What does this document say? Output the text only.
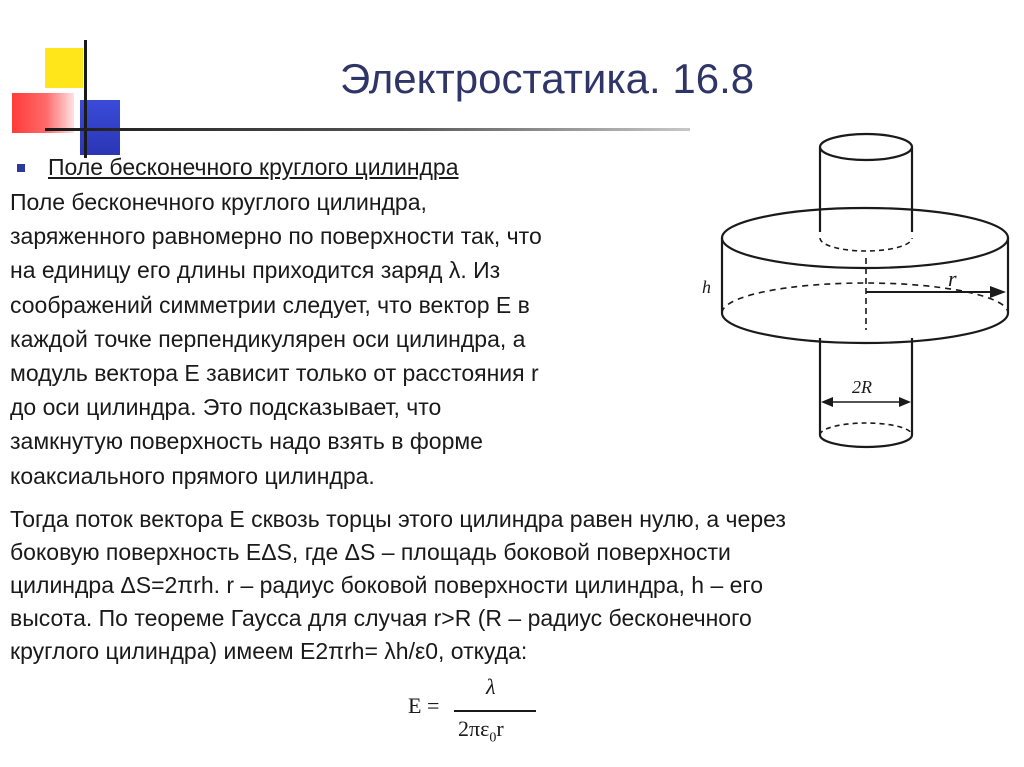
Электростатика. 16.8
Поле бесконечного круглого цилиндра

Поле бесконечного круглого цилиндра,
заряженного равномерно по поверхности так, что
на единицу его длины приходится заряд λ. Из
соображений симметрии следует, что вектор E в
каждой точке перпендикулярен оси цилиндра, а
модуль вектора E зависит только от расстояния r
до оси цилиндра. Это подсказывает, что
замкнутую поверхность надо взять в форме
коаксиального прямого цилиндра.

h	r
2R

Тогда поток вектора E сквозь торцы этого цилиндра равен нулю, а через
боковую поверхность EΔS, где ΔS – площадь боковой поверхности
цилиндра ΔS=2πrh. r – радиус боковой поверхности цилиндра, h – его
высота. По теореме Гаусса для случая r>R (R – радиус бесконечного
круглого цилиндра) имеем E2πrh= λh/ε0, откуда:

E =
λ
$2\pi\varepsilon_0r$
